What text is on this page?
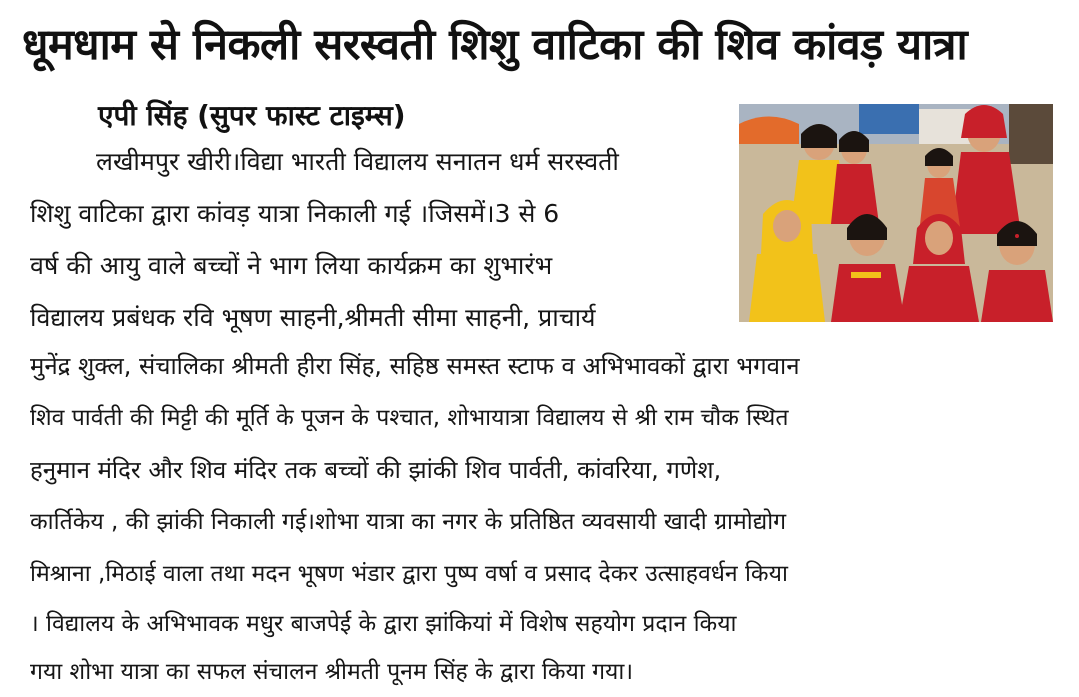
धूमधाम से निकली सरस्वती शिशु वाटिका की शिव कांवड़ यात्रा
एपी सिंह (सुपर फास्ट टाइम्स)
लखीमपुर खीरी।विद्या भारती विद्यालय सनातन धर्म सरस्वती
शिशु वाटिका द्वारा कांवड़ यात्रा निकाली गई ।जिसमें।3 से 6
वर्ष की आयु वाले बच्चों ने भाग लिया कार्यक्रम का शुभारंभ
विद्यालय प्रबंधक रवि भूषण साहनी,श्रीमती सीमा साहनी, प्राचार्य
मुनेंद्र शुक्ल, संचालिका श्रीमती हीरा सिंह, सहिष्ठ समस्त स्टाफ व अभिभावकों द्वारा भगवान
शिव पार्वती की मिट्टी की मूर्ति के पूजन के पश्चात, शोभायात्रा विद्यालय से श्री राम चौक स्थित
हनुमान मंदिर और शिव मंदिर तक बच्चों की झांकी शिव पार्वती, कांवरिया, गणेश,
कार्तिकेय , की झांकी निकाली गई।शोभा यात्रा का नगर के प्रतिष्ठित व्यवसायी खादी ग्रामोद्योग
मिश्राना ,मिठाई वाला तथा मदन भूषण भंडार द्वारा पुष्प वर्षा व प्रसाद देकर उत्साहवर्धन किया
। विद्यालय के अभिभावक मधुर बाजपेई के द्वारा झांकियां में विशेष सहयोग प्रदान किया
गया शोभा यात्रा का सफल संचालन श्रीमती पूनम सिंह के द्वारा किया गया।
